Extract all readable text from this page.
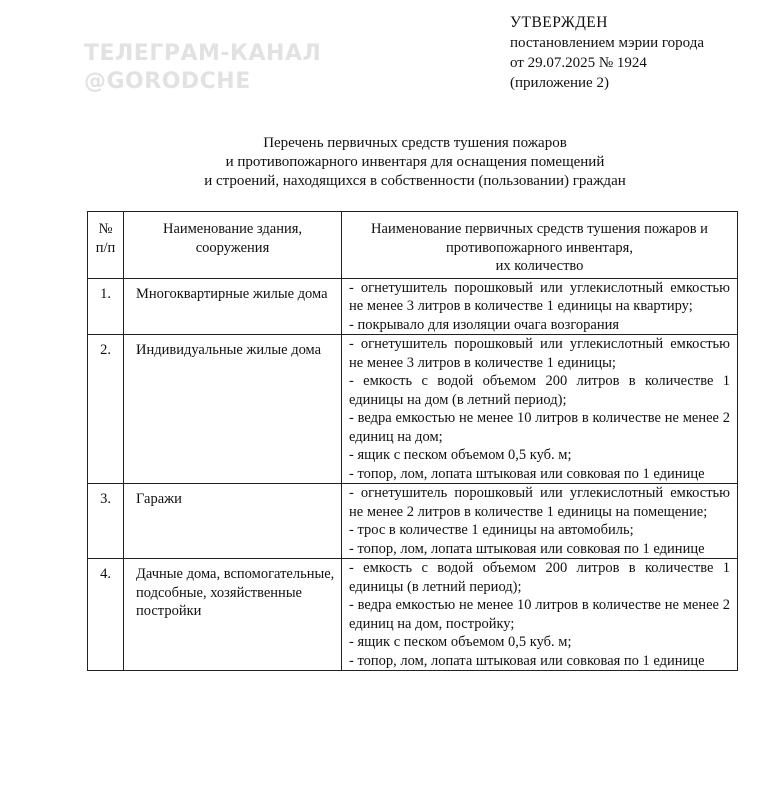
ТЕЛЕГРАМ-КАНАЛ
@GORODCHE
УТВЕРЖДЕН
постановлением мэрии города
от 29.07.2025 № 1924
(приложение 2)
Перечень первичных средств тушения пожаров
и противопожарного инвентаря для оснащения помещений
и строений, находящихся в собственности (пользовании) граждан
№ п/п	Наименование здания, сооружения	Наименование первичных средств тушения пожаров и противопожарного инвентаря,
их количество

1.	Многоквартирные жилые дома	- огнетушитель порошковый или углекислотный емкостью не менее 3 литров в количестве 1 единицы на квартиру;
- покрывало для изоляции очага возгорания

2.	Индивидуальные жилые дома	- огнетушитель порошковый или углекислотный емкостью не менее 3 литров в количестве 1 единицы;
- емкость с водой объемом 200 литров в количестве 1 единицы на дом (в летний период);
- ведра емкостью не менее 10 литров в количестве не менее 2 единиц на дом;
- ящик с песком объемом 0,5 куб. м;
- топор, лом, лопата штыковая или совковая по 1 единице

3.	Гаражи	- огнетушитель порошковый или углекислотный емкостью не менее 2 литров в количестве 1 единицы на помещение;
- трос в количестве 1 единицы на автомобиль;
- топор, лом, лопата штыковая или совковая по 1 единице

4.	Дачные дома, вспомогательные, подсобные, хозяйственные постройки	- емкость с водой объемом 200 литров в количестве 1 единицы (в летний период);
- ведра емкостью не менее 10 литров в количестве не менее 2 единиц на дом, постройку;
- ящик с песком объемом 0,5 куб. м;
- топор, лом, лопата штыковая или совковая по 1 единице
